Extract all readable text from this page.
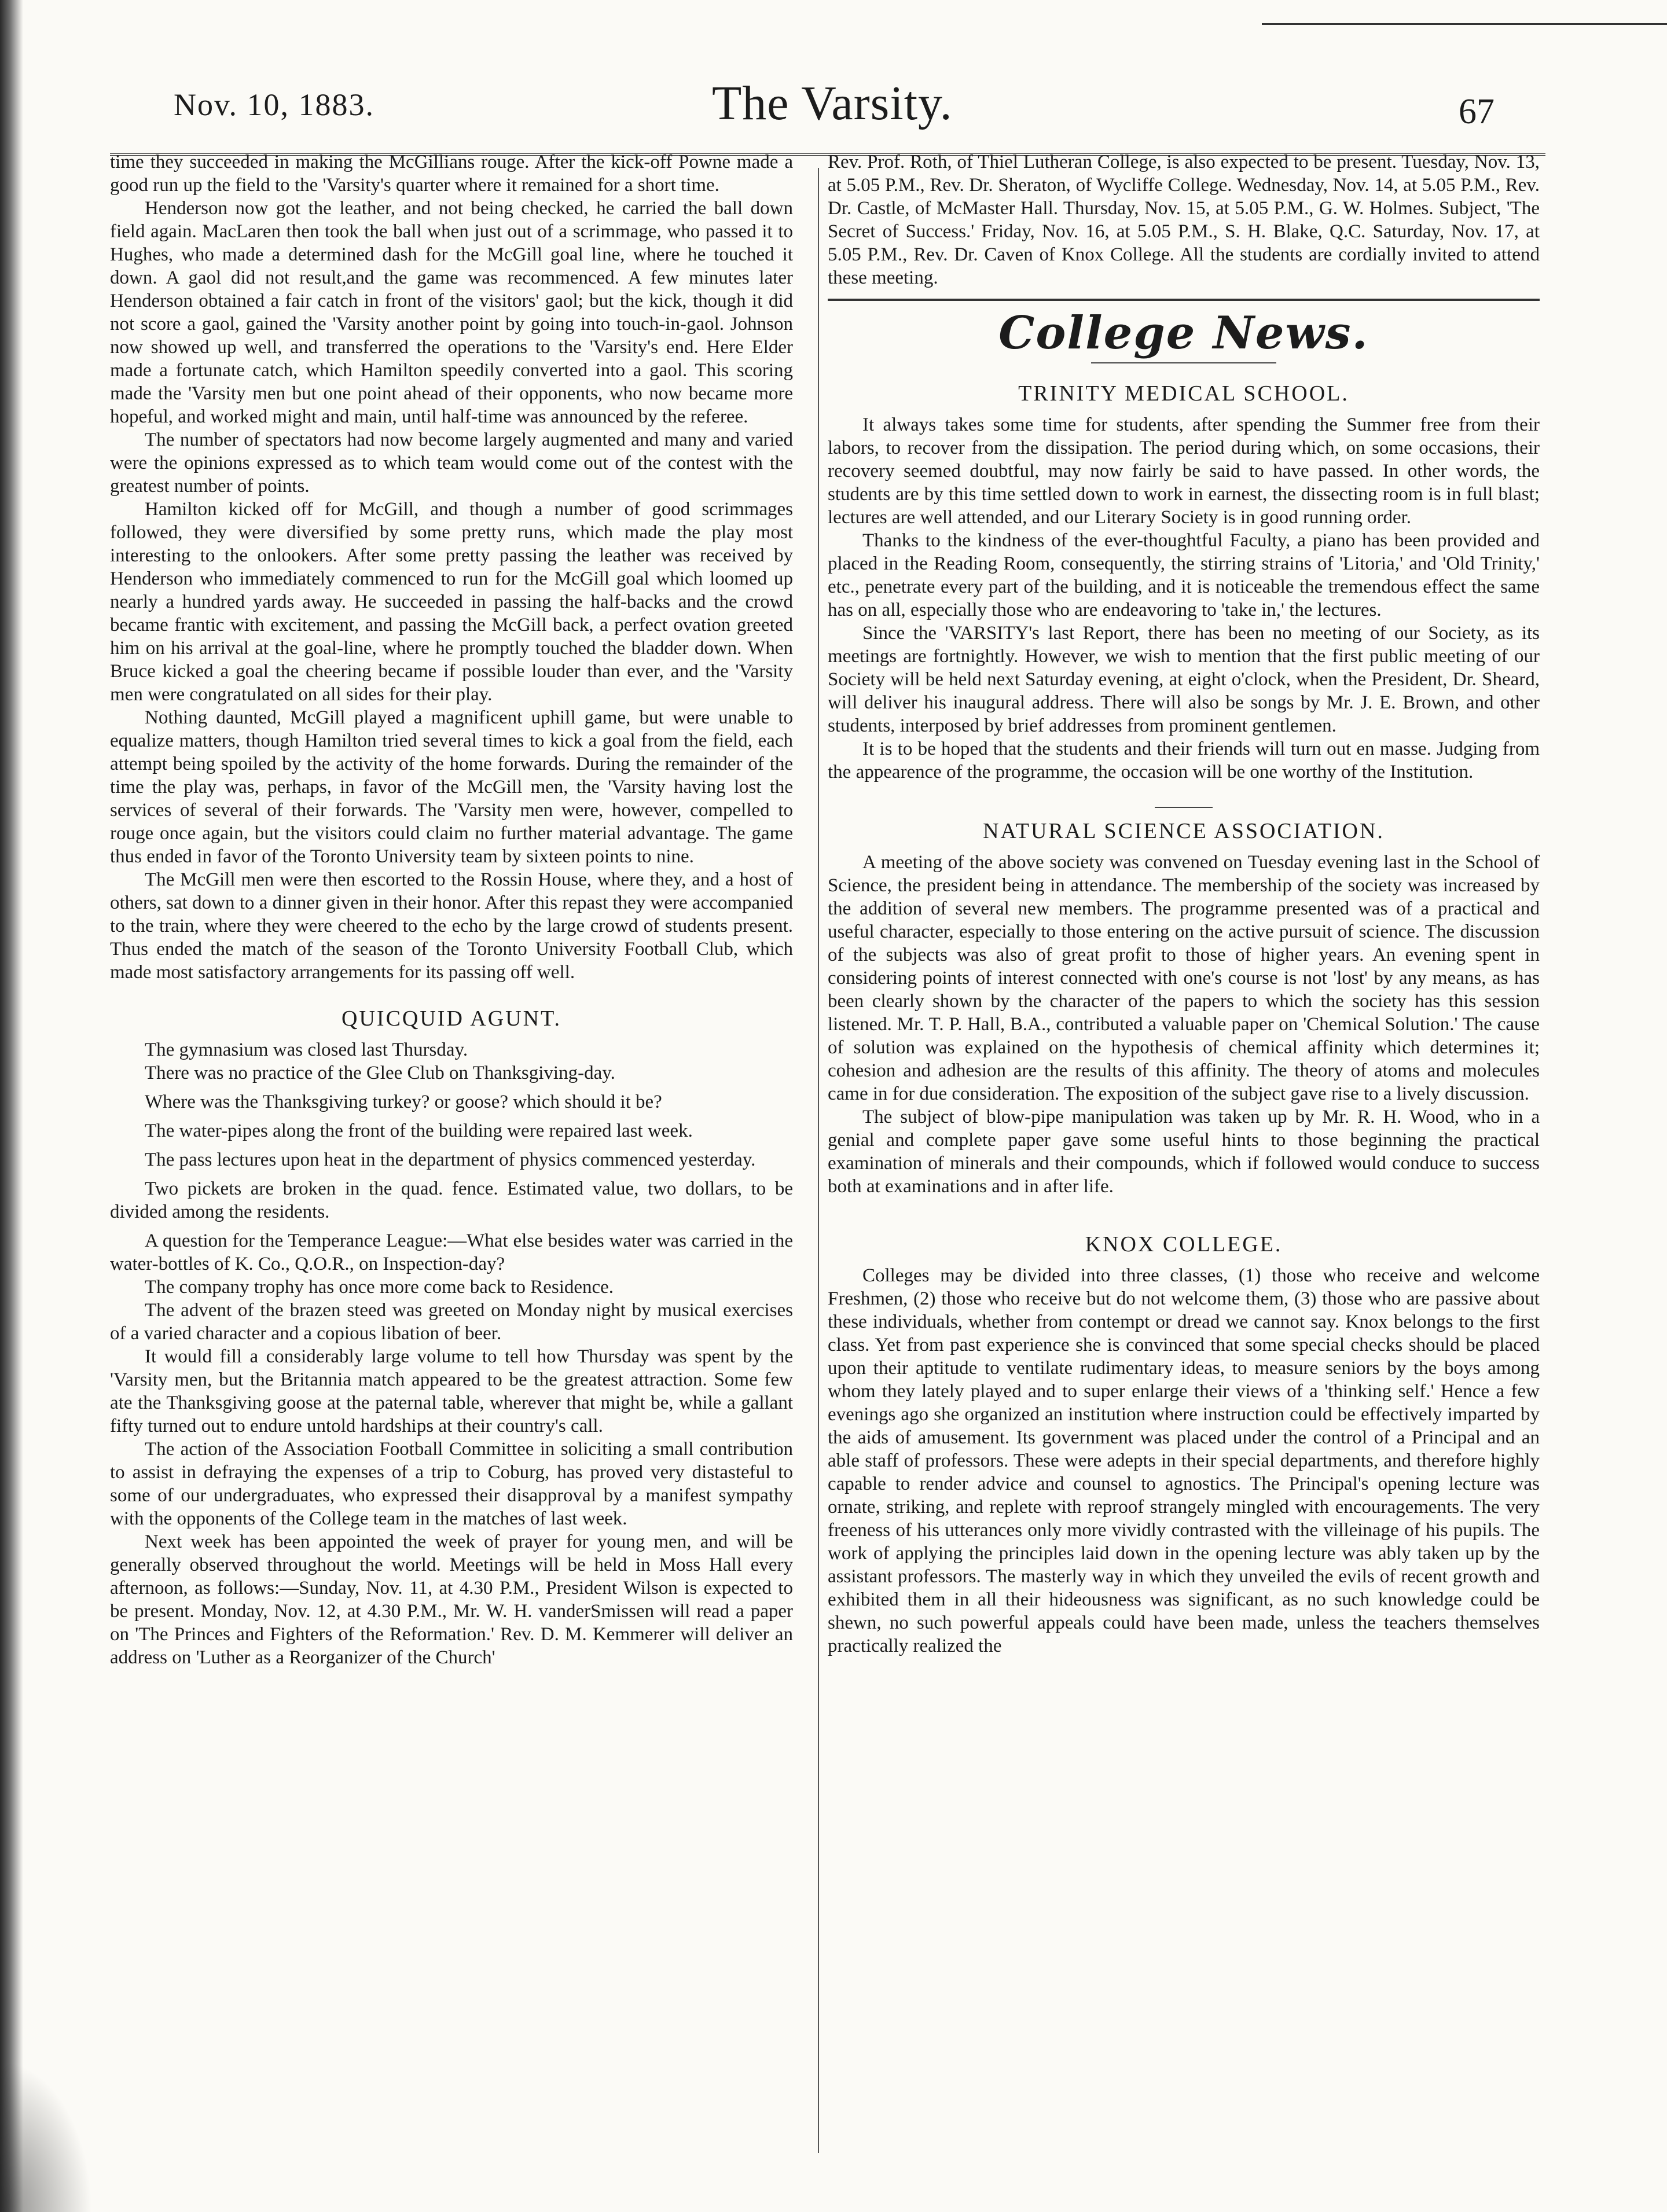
Nov. 10, 1883.	The Varsity.	67

time they succeeded in making the McGillians rouge. After the kick-off Powne made a good run up the field to the 'Varsity's quarter where it remained for a short time.

Henderson now got the leather, and not being checked, he carried the ball down field again. MacLaren then took the ball when just out of a scrimmage, who passed it to Hughes, who made a determined dash for the McGill goal line, where he touched it down. A gaol did not result,and the game was recommenced. A few minutes later Henderson obtained a fair catch in front of the visitors' gaol; but the kick, though it did not score a gaol, gained the 'Varsity another point by going into touch-in-gaol. Johnson now showed up well, and transferred the operations to the 'Varsity's end. Here Elder made a fortunate catch, which Hamilton speedily converted into a gaol. This scoring made the 'Varsity men but one point ahead of their opponents, who now became more hopeful, and worked might and main, until half-time was announced by the referee.

The number of spectators had now become largely augmented and many and varied were the opinions expressed as to which team would come out of the contest with the greatest number of points.

Hamilton kicked off for McGill, and though a number of good scrimmages followed, they were diversified by some pretty runs, which made the play most interesting to the onlookers. After some pretty passing the leather was received by Henderson who immediately commenced to run for the McGill goal which loomed up nearly a hundred yards away. He succeeded in passing the half-backs and the crowd became frantic with excitement, and passing the McGill back, a perfect ovation greeted him on his arrival at the goal-line, where he promptly touched the bladder down. When Bruce kicked a goal the cheering became if possible louder than ever, and the 'Varsity men were congratulated on all sides for their play.

Nothing daunted, McGill played a magnificent uphill game, but were unable to equalize matters, though Hamilton tried several times to kick a goal from the field, each attempt being spoiled by the activity of the home forwards. During the remainder of the time the play was, perhaps, in favor of the McGill men, the 'Varsity having lost the services of several of their forwards. The 'Varsity men were, however, compelled to rouge once again, but the visitors could claim no further material advantage. The game thus ended in favor of the Toronto University team by sixteen points to nine.

The McGill men were then escorted to the Rossin House, where they, and a host of others, sat down to a dinner given in their honor. After this repast they were accompanied to the train, where they were cheered to the echo by the large crowd of students present. Thus ended the match of the season of the Toronto University Football Club, which made most satisfactory arrangements for its passing off well.

QUICQUID AGUNT.

The gymnasium was closed last Thursday.

There was no practice of the Glee Club on Thanksgiving-day.

Where was the Thanksgiving turkey? or goose? which should it be?

The water-pipes along the front of the building were repaired last week.

The pass lectures upon heat in the department of physics commenced yesterday.

Two pickets are broken in the quad. fence. Estimated value, two dollars, to be divided among the residents.

A question for the Temperance League:—What else besides water was carried in the water-bottles of K. Co., Q.O.R., on Inspection-day?

The company trophy has once more come back to Residence.

The advent of the brazen steed was greeted on Monday night by musical exercises of a varied character and a copious libation of beer.

It would fill a considerably large volume to tell how Thursday was spent by the 'Varsity men, but the Britannia match appeared to be the greatest attraction. Some few ate the Thanksgiving goose at the paternal table, wherever that might be, while a gallant fifty turned out to endure untold hardships at their country's call.

The action of the Association Football Committee in soliciting a small contribution to assist in defraying the expenses of a trip to Coburg, has proved very distasteful to some of our undergraduates, who expressed their disapproval by a manifest sympathy with the opponents of the College team in the matches of last week.

Next week has been appointed the week of prayer for young men, and will be generally observed throughout the world. Meetings will be held in Moss Hall every afternoon, as follows:—Sunday, Nov. 11, at 4.30 P.M., President Wilson is expected to be present. Monday, Nov. 12, at 4.30 P.M., Mr. W. H. vanderSmissen will read a paper on 'The Princes and Fighters of the Reformation.' Rev. D. M. Kemmerer will deliver an address on 'Luther as a Reorganizer of the Church'

Rev. Prof. Roth, of Thiel Lutheran College, is also expected to be present. Tuesday, Nov. 13, at 5.05 P.M., Rev. Dr. Sheraton, of Wycliffe College. Wednesday, Nov. 14, at 5.05 P.M., Rev. Dr. Castle, of McMaster Hall. Thursday, Nov. 15, at 5.05 P.M., G. W. Holmes. Subject, 'The Secret of Success.' Friday, Nov. 16, at 5.05 P.M., S. H. Blake, Q.C. Saturday, Nov. 17, at 5.05 P.M., Rev. Dr. Caven of Knox College. All the students are cordially invited to attend these meeting.

College News.
TRINITY MEDICAL SCHOOL.

It always takes some time for students, after spending the Summer free from their labors, to recover from the dissipation. The period during which, on some occasions, their recovery seemed doubtful, may now fairly be said to have passed. In other words, the students are by this time settled down to work in earnest, the dissecting room is in full blast; lectures are well attended, and our Literary Society is in good running order.

Thanks to the kindness of the ever-thoughtful Faculty, a piano has been provided and placed in the Reading Room, consequently, the stirring strains of 'Litoria,' and 'Old Trinity,' etc., penetrate every part of the building, and it is noticeable the tremendous effect the same has on all, especially those who are endeavoring to 'take in,' the lectures.

Since the 'VARSITY's last Report, there has been no meeting of our Society, as its meetings are fortnightly. However, we wish to mention that the first public meeting of our Society will be held next Saturday evening, at eight o'clock, when the President, Dr. Sheard, will deliver his inaugural address. There will also be songs by Mr. J. E. Brown, and other students, interposed by brief addresses from prominent gentlemen.

It is to be hoped that the students and their friends will turn out en masse. Judging from the appearence of the programme, the occasion will be one worthy of the Institution.

NATURAL SCIENCE ASSOCIATION.

A meeting of the above society was convened on Tuesday evening last in the School of Science, the president being in attendance. The membership of the society was increased by the addition of several new members. The programme presented was of a practical and useful character, especially to those entering on the active pursuit of science. The discussion of the subjects was also of great profit to those of higher years. An evening spent in considering points of interest connected with one's course is not 'lost' by any means, as has been clearly shown by the character of the papers to which the society has this session listened. Mr. T. P. Hall, B.A., contributed a valuable paper on 'Chemical Solution.' The cause of solution was explained on the hypothesis of chemical affinity which determines it; cohesion and adhesion are the results of this affinity. The theory of atoms and molecules came in for due consideration. The exposition of the subject gave rise to a lively discussion.

The subject of blow-pipe manipulation was taken up by Mr. R. H. Wood, who in a genial and complete paper gave some useful hints to those beginning the practical examination of minerals and their compounds, which if followed would conduce to success both at examinations and in after life.

KNOX COLLEGE.

Colleges may be divided into three classes, (1) those who receive and welcome Freshmen, (2) those who receive but do not welcome them, (3) those who are passive about these individuals, whether from contempt or dread we cannot say. Knox belongs to the first class. Yet from past experience she is convinced that some special checks should be placed upon their aptitude to ventilate rudimentary ideas, to measure seniors by the boys among whom they lately played and to super enlarge their views of a 'thinking self.' Hence a few evenings ago she organized an institution where instruction could be effectively imparted by the aids of amusement. Its government was placed under the control of a Principal and an able staff of professors. These were adepts in their special departments, and therefore highly capable to render advice and counsel to agnostics. The Principal's opening lecture was ornate, striking, and replete with reproof strangely mingled with encouragements. The very freeness of his utterances only more vividly contrasted with the villeinage of his pupils. The work of applying the principles laid down in the opening lecture was ably taken up by the assistant professors. The masterly way in which they unveiled the evils of recent growth and exhibited them in all their hideousness was significant, as no such knowledge could be shewn, no such powerful appeals could have been made, unless the teachers themselves practically realized the
